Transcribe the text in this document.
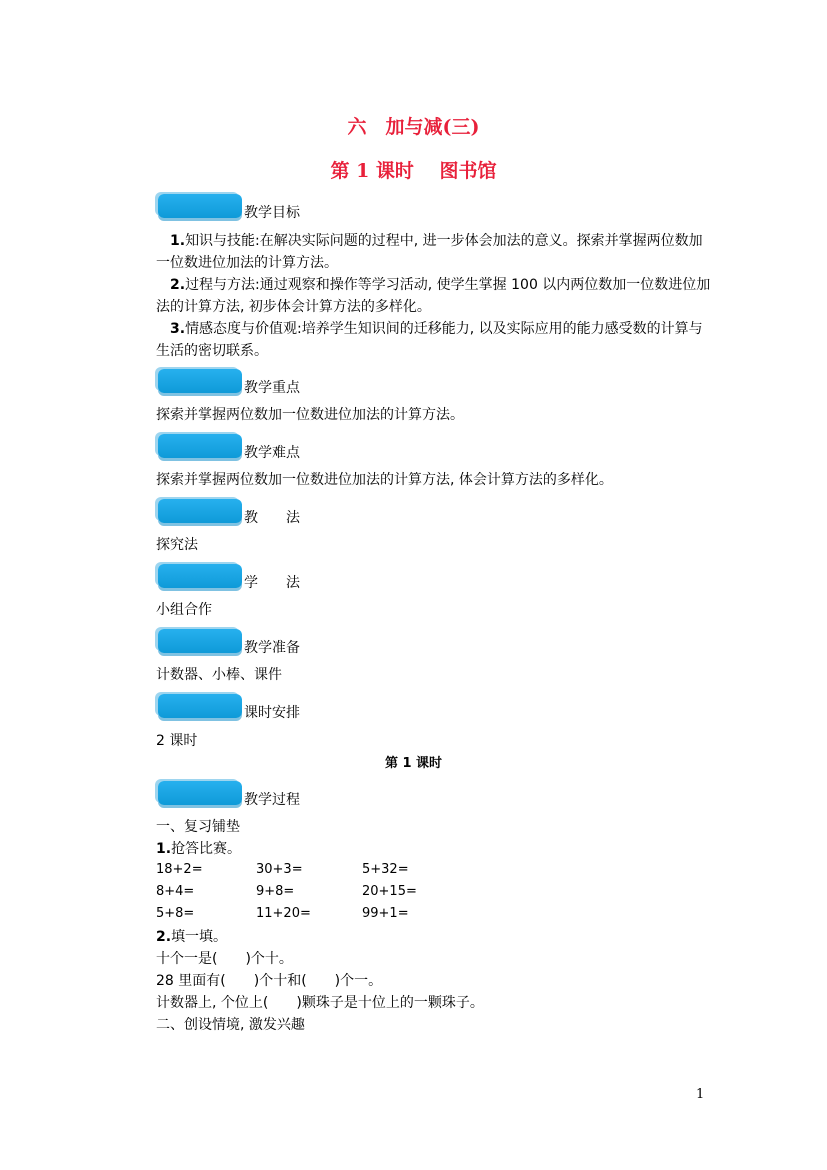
六　加与减(三)
第 1 课时　 图书馆
教学目标
1.知识与技能:在解决实际问题的过程中, 进一步体会加法的意义。探索并掌握两位数加一位数进位加法的计算方法。
2.过程与方法:通过观察和操作等学习活动, 使学生掌握 100 以内两位数加一位数进位加法的计算方法, 初步体会计算方法的多样化。
3.情感态度与价值观:培养学生知识间的迁移能力, 以及实际应用的能力感受数的计算与生活的密切联系。
教学重点
探索并掌握两位数加一位数进位加法的计算方法。
教学难点
探索并掌握两位数加一位数进位加法的计算方法, 体会计算方法的多样化。
教　　法
探究法
学　　法
小组合作
教学准备
计数器、小棒、课件
课时安排
2 课时
第 1 课时
教学过程
一、复习铺垫
1.抢答比赛。
18+2=	30+3=	5+32=
8+4=	9+8=	20+15=
5+8=	11+20=	99+1=
2.填一填。
十个一是(　　)个十。
28 里面有(　　)个十和(　　)个一。
计数器上, 个位上(　　)颗珠子是十位上的一颗珠子。
二、创设情境, 激发兴趣
1
